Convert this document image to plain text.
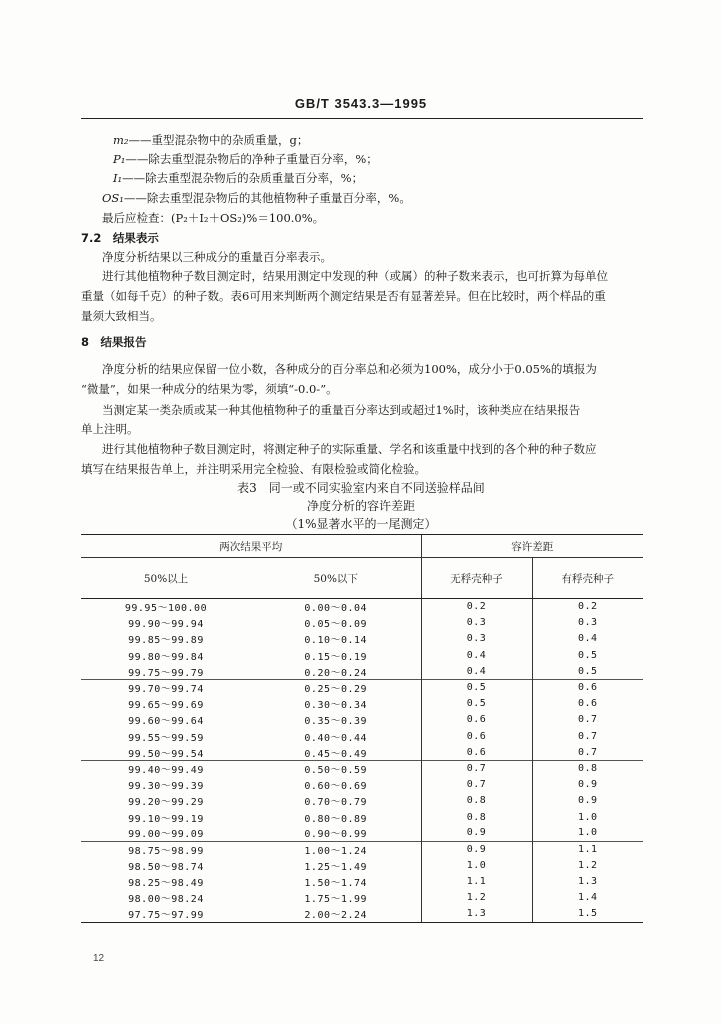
GB/T 3543.3—1995
m₂——重型混杂物中的杂质重量，g；
P₁——除去重型混杂物后的净种子重量百分率，%；
I₁——除去重型混杂物后的杂质重量百分率，%；
OS₁——除去重型混杂物后的其他植物种子重量百分率，%。
最后应检查：(P₂＋I₂＋OS₂)%＝100.0%。
7.2　结果表示
净度分析结果以三种成分的重量百分率表示。
进行其他植物种子数目测定时，结果用测定中发现的种（或属）的种子数来表示，也可折算为每单位
重量（如每千克）的种子数。表6可用来判断两个测定结果是否有显著差异。但在比较时，两个样品的重
量须大致相当。
8　结果报告
净度分析的结果应保留一位小数，各种成分的百分率总和必须为100%，成分小于0.05%的填报为
“微量”，如果一种成分的结果为零，须填“-0.0-”。
当测定某一类杂质或某一种其他植物种子的重量百分率达到或超过1%时，该种类应在结果报告
单上注明。
进行其他植物种子数目测定时，将测定种子的实际重量、学名和该重量中找到的各个种的种子数应
填写在结果报告单上，并注明采用完全检验、有限检验或简化检验。
表3　同一或不同实验室内来自不同送验样品间
净度分析的容许差距
（1%显著水平的一尾测定）
两次结果平均		容许差距	
50%以上	50%以下	无稃壳种子	有稃壳种子
99.95～100.00	0.00～0.04	0.2	0.2
99.90～99.94	0.05～0.09	0.3	0.3
99.85～99.89	0.10～0.14	0.3	0.4
99.80～99.84	0.15～0.19	0.4	0.5
99.75～99.79	0.20～0.24	0.4	0.5
99.70～99.74	0.25～0.29	0.5	0.6
99.65～99.69	0.30～0.34	0.5	0.6
99.60～99.64	0.35～0.39	0.6	0.7
99.55～99.59	0.40～0.44	0.6	0.7
99.50～99.54	0.45～0.49	0.6	0.7
99.40～99.49	0.50～0.59	0.7	0.8
99.30～99.39	0.60～0.69	0.7	0.9
99.20～99.29	0.70～0.79	0.8	0.9
99.10～99.19	0.80～0.89	0.8	1.0
99.00～99.09	0.90～0.99	0.9	1.0
98.75～98.99	1.00～1.24	0.9	1.1
98.50～98.74	1.25～1.49	1.0	1.2
98.25～98.49	1.50～1.74	1.1	1.3
98.00～98.24	1.75～1.99	1.2	1.4
97.75～97.99	2.00～2.24	1.3	1.5
12
